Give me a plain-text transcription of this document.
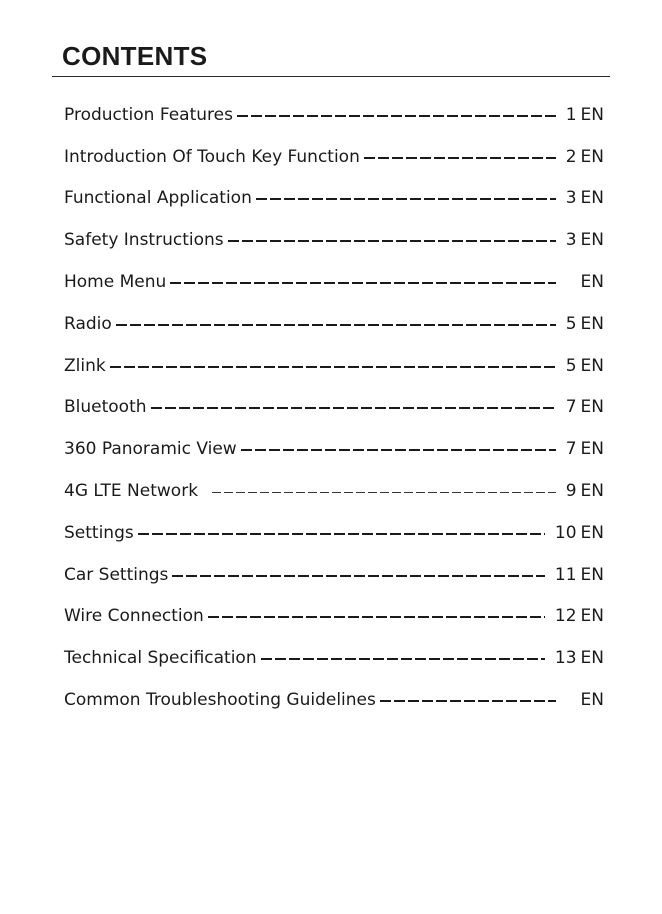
CONTENTS
Production Features	1 EN
Introduction Of Touch Key Function	2 EN
Functional Application	3 EN
Safety Instructions	3 EN
Home Menu	EN
Radio	5 EN
Zlink	5 EN
Bluetooth	7 EN
360 Panoramic View	7 EN
4G LTE Network	9 EN
Settings	10 EN
Car Settings	11 EN
Wire Connection	12 EN
Technical Specification	13 EN
Common Troubleshooting Guidelines	EN
